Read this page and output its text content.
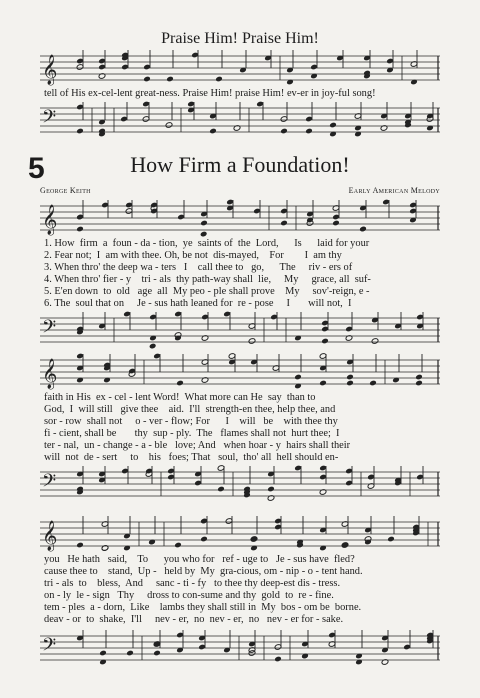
Praise Him! Praise Him!
𝄞
tell of His ex-cel-lent great-ness. Praise Him! praise Him! ev-er in joy-ful song!
𝄢
5	How Firm a Foundation!
George Keith	Early American Melody
𝄞
1. How  firm  a  foun - da - tion,  ye  saints of  the  Lord,      Is      laid for your
2. Fear not;  I  am with thee. Oh, be not  dis-mayed,    For        I  am thy
3. When thro' the deep wa - ters   I    call thee to   go,      The     riv - ers of
4. When thro' fier - y    tri - als  thy path-way shall  lie,     My     grace, all  suf-
5. E'en down  to  old   age  all  My peo - ple shall prove    My     sov'-reign, e -
6. The  soul that on     Je - sus hath leaned for  re - pose     I       will not,  I
𝄢
𝄞
faith in His  ex - cel - lent Word!  What more can He  say  than to
God,  I  will still   give thee    aid.  I'll  strength-en thee, help thee, and
sor - row  shall not     o - ver - flow; For      I    will   be    with thee thy
fi - cient, shall be       thy  sup - ply.  The   flames shall not  hurt thee;  I
ter - nal,  un - change - a - ble   love; And   when hoar - y  hairs shall their
will  not  de - sert     to    his   foes; That   soul,  tho' all  hell should en-
𝄢
𝄞
you   He hath   said,    To      you who for   ref - uge to   Je - sus have  fled?
cause thee to    stand,  Up -   held by  My  gra-cious, om - nip - o - tent hand.
tri - als  to    bless,  And     sanc - ti - fy   to thee thy deep-est dis - tress.
on - ly  le - sign   Thy     dross to con-sume and thy  gold  to  re - fine.
tem - ples  a - dorn,  Like    lambs they shall still in  My  bos - om be  borne.
deav - or  to  shake,  I'll     nev - er,  no  nev - er,  no   nev - er for - sake.
𝄢
